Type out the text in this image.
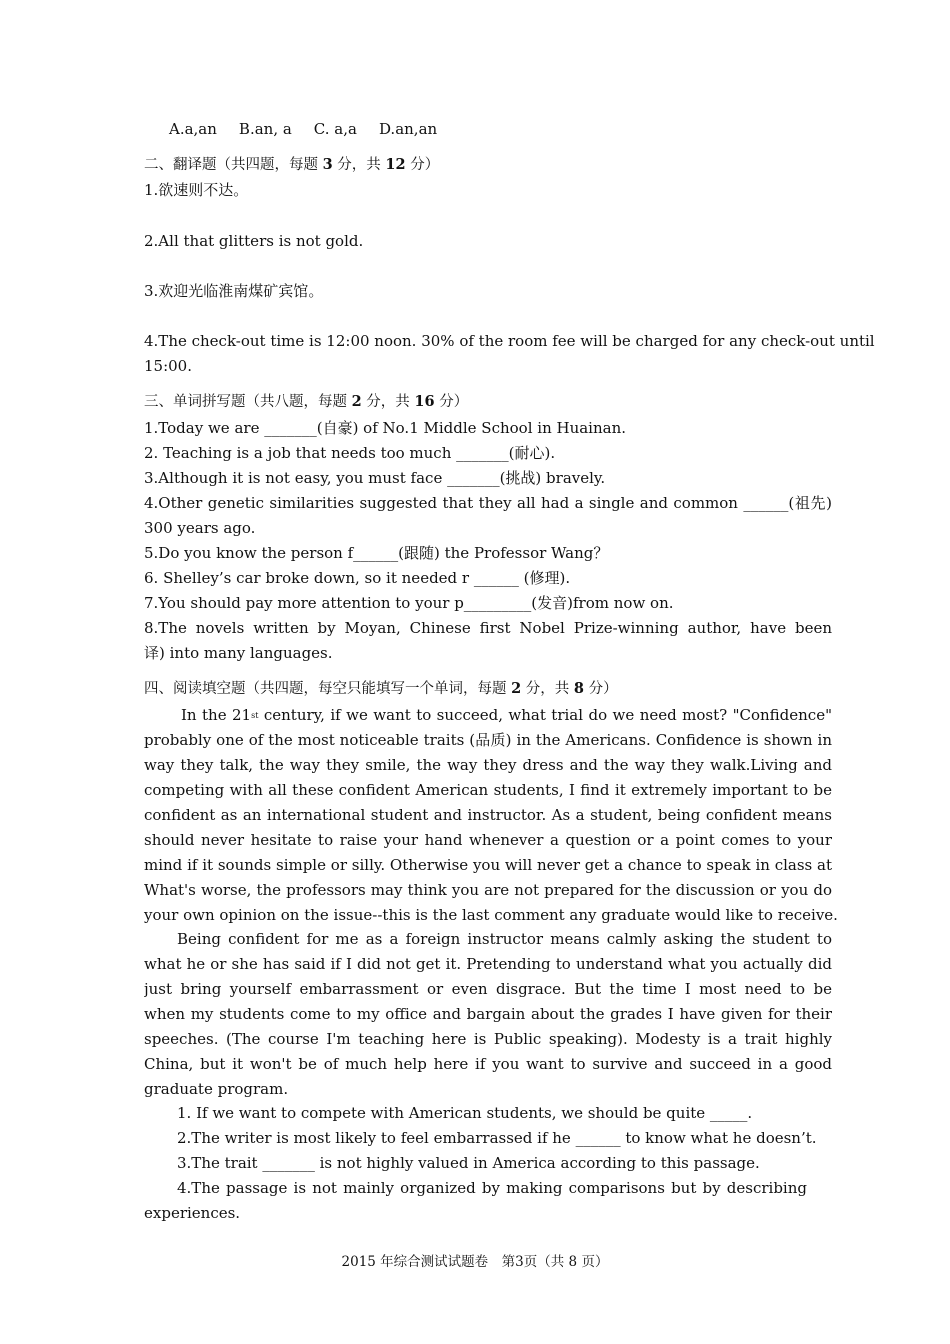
A.a,an B.an, a C. a,a D.an,an
二、翻译题（共四题，每题 3 分，共 12 分）
1.欲速则不达。
2.All that glitters is not gold.
3.欢迎光临淮南煤矿宾馆。
4.The check-out time is 12:00 noon. 30% of the room fee will be charged for any check-out until
15:00.
三、单词拼写题（共八题，每题 2 分，共 16 分）
1.Today we are _______(自豪) of No.1 Middle School in Huainan.
2. Teaching is a job that needs too much _______(耐心).
3.Although it is not easy, you must face _______(挑战) bravely.
4.Other genetic similarities suggested that they all had a single and common ______(祖先)
300 years ago.
5.Do you know the person f______(跟随) the Professor Wang？
6. Shelley’s car broke down, so it needed r ______ (修理).
7.You should pay more attention to your p_________(发音)from now on.
8.The novels written by Moyan, Chinese first Nobel Prize-winning author, have been
译) into many languages.
四、阅读填空题（共四题，每空只能填写一个单词，每题 2 分，共 8 分）
In the 21st century, if we want to succeed, what trial do we need most? "Confidence"
probably one of the most noticeable traits (品质) in the Americans. Confidence is shown in
way they talk, the way they smile, the way they dress and the way they walk.Living and
competing with all these confident American students, I find it extremely important to be
confident as an international student and instructor. As a student, being confident means
should never hesitate to raise your hand whenever a question or a point comes to your
mind if it sounds simple or silly. Otherwise you will never get a chance to speak in class at
What's worse, the professors may think you are not prepared for the discussion or you do
your own opinion on the issue--this is the last comment any graduate would like to receive.
Being confident for me as a foreign instructor means calmly asking the student to
what he or she has said if I did not get it. Pretending to understand what you actually did
just bring yourself embarrassment or even disgrace. But the time I most need to be
when my students come to my office and bargain about the grades I have given for their
speeches. (The course I'm teaching here is Public speaking). Modesty is a trait highly
China, but it won't be of much help here if you want to survive and succeed in a good
graduate program.
1. If we want to compete with American students, we should be quite _____.
2.The writer is most likely to feel embarrassed if he ______ to know what he doesn’t.
3.The trait _______ is not highly valued in America according to this passage.
4.The passage is not mainly organized by making comparisons but by describing
experiences.
2015 年综合测试试题卷　第3页（共 8 页）
